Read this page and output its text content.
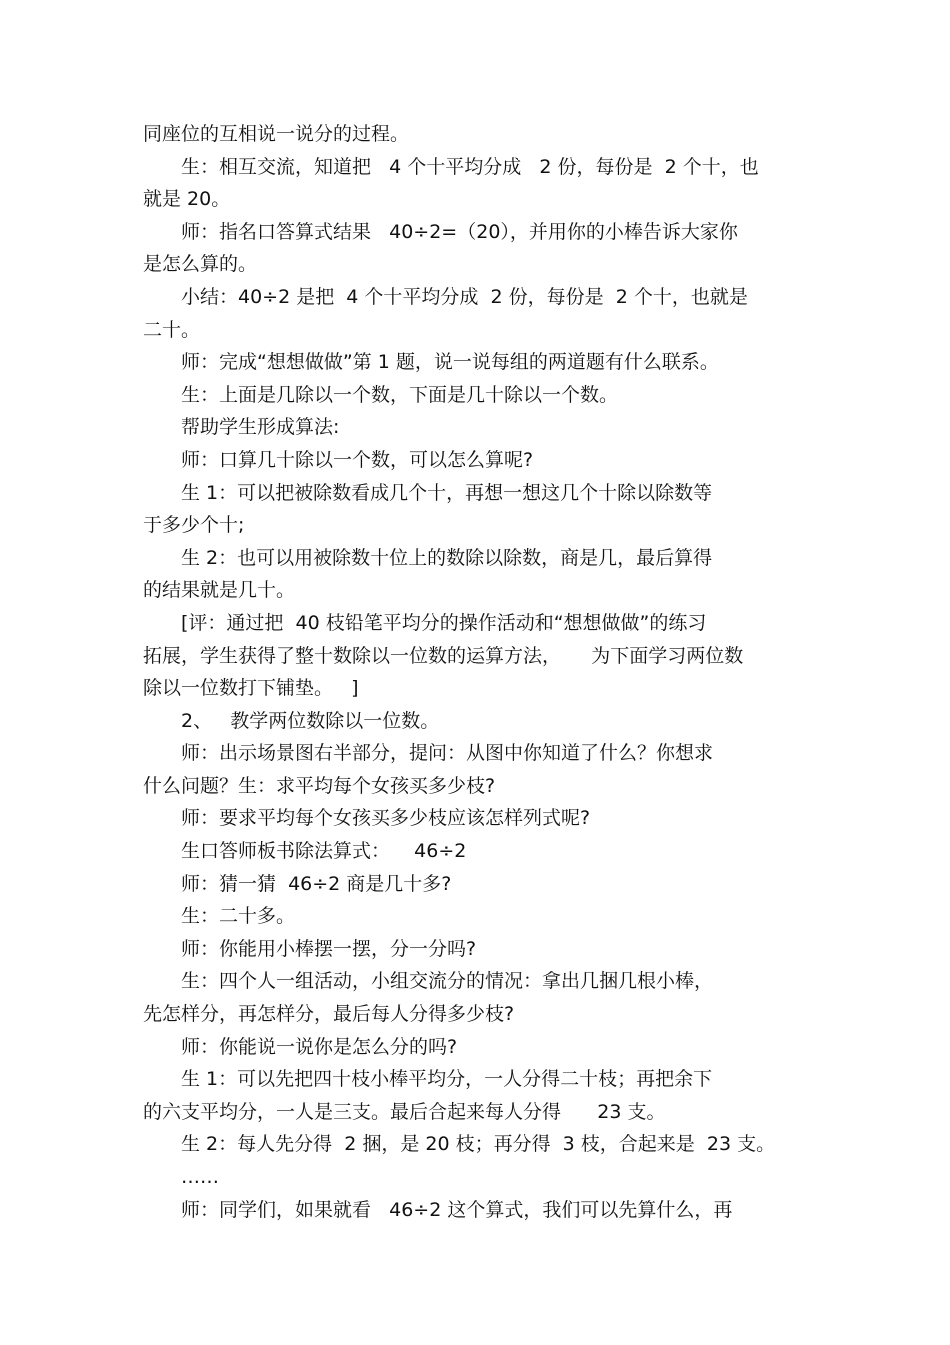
同座位的互相说一说分的过程。

生：相互交流，知道把   4 个十平均分成   2 份，每份是  2 个十，也

就是 20。

师：指名口答算式结果   40÷2=（20），并用你的小棒告诉大家你

是怎么算的。

小结：40÷2 是把  4 个十平均分成  2 份，每份是  2 个十，也就是

二十。

师：完成“想想做做”第 1 题，说一说每组的两道题有什么联系。

生：上面是几除以一个数，下面是几十除以一个数。

帮助学生形成算法:

师：口算几十除以一个数，可以怎么算呢?

生 1：可以把被除数看成几个十，再想一想这几个十除以除数等

于多少个十;

生 2：也可以用被除数十位上的数除以除数，商是几，最后算得

的结果就是几十。

[评：通过把  40 枝铅笔平均分的操作活动和“想想做做”的练习

拓展，学生获得了整十数除以一位数的运算方法，     为下面学习两位数

除以一位数打下铺垫。   ]

2、   教学两位数除以一位数。

师：出示场景图右半部分，提问：从图中你知道了什么？你想求

什么问题？生：求平均每个女孩买多少枝?

师：要求平均每个女孩买多少枝应该怎样列式呢?

生口答师板书除法算式：    46÷2

师：猜一猜  46÷2 商是几十多?

生：二十多。

师：你能用小棒摆一摆，分一分吗?

生：四个人一组活动，小组交流分的情况：拿出几捆几根小棒，

先怎样分，再怎样分，最后每人分得多少枝?

师：你能说一说你是怎么分的吗?

生 1：可以先把四十枝小棒平均分，一人分得二十枝；再把余下

的六支平均分，一人是三支。最后合起来每人分得      23 支。

生 2：每人先分得  2 捆，是 20 枝；再分得  3 枝，合起来是  23 支。

……

师：同学们，如果就看   46÷2 这个算式，我们可以先算什么，再
